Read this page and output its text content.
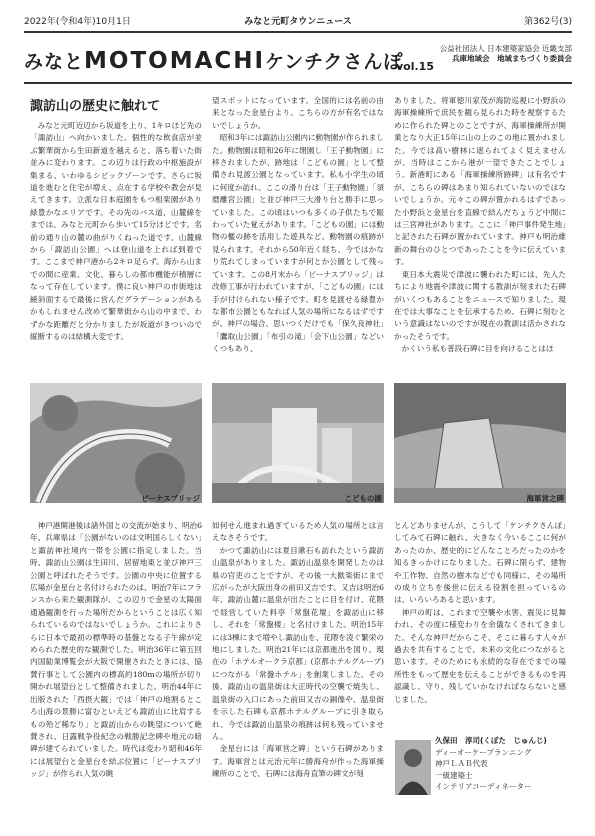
2022年(令和4年)10月1日	みなと元町タウンニュース	第362号(3)
みなとMOTOMACHIケンチクさんぽ
vol.15
公益社団法人 日本建築家協会 近畿支部
兵庫地域会　地域まちづくり委員会
諏訪山の歴史に触れて

みなと元町近辺から坂道を上り、1キロほど先の「諏訪山」へ向かいました。個性的な飲食店が並ぶ繁華街から生田新道を越えると、落ち着いた街並みに変わります。この辺りは行政の中枢施設が集まる、いわゆるシビックゾーンです。さらに坂道を進むと住宅が増え、点在する学校や教会が見えてきます。立派な日本庭園をもつ相楽園があり緑豊かなエリアです。その先のバス道、山麓線をまでは、みなと元町から歩いて15分ほどです。名前の通り山の麓の曲がりくねった道です。山麓線から「諏訪山公園」へは登山道を上れば到着です。ここまで神戸港から2キロ足らず。海から山までの間に産業、文化、暮らしの都市機能が積層になって存在しています。僕に良い神戸の市街地は緩斜面するで最後に営んだグラデーションがあるかもしれません改めて繁華街から山の中まで、わずかな距離だと分かりましたが坂道がきついので縦断するのは結構大変です。

望スポットになっています。全国的には名前の由来となった金星台より、こちらの方が有名ではないでしょうか。

昭和3年には諏訪山公園内に動物園が作られました。動物園は昭和26年に閉園し「王子動物園」に移されましたが、跡地は「こどもの園」として整備され見渡公園となっています。私も小学生の頃に何度か訪れ、ここの滑り台は「王子動物園」「須磨離宮公園」と並び神戸三大滑り台と勝手に思っていました。この頃はいつも多くの子供たちで賑わっていた覚えがあります。「こどもの園」には動物の檻の跡を活用した遊具など、動物園の痕跡が見られます。それから50年近く経ち、今ではかなり荒れてしまっていますが何とか公園として残っています。この8月末から「ビーナスブリッジ」は改修工事が行われていますが、「こどもの園」には手が付けられない様子です。町を見渡せる緑豊かな都市公園ともなれば人気の場所になるはずですが、神戸の場合、思いつくだけでも「保久良神社」「鷹取山公園」「布引の滝」「会下山公園」などいくつもあり、

ありました。将軍徳川家茂が海防巡視に小野浜の海軍操練所で庶民を観ら見られた時を視察するために作られた碑とのことですが、海軍操練所が開業となり大正15年に山の上のこの地に置かれました。今では高い樹林に遮られてよく見えませんが、当時はここから港が一望できたことでしょう。新港町にある「海軍操練所跡碑」は有名ですが、こちらの碑はあまり知られていないのではないでしょうか。元々この碑が置かれるはずであった小野浜と金星台を直線で結んだちょうど中間には三宮神社があります。ここに「神戸事件発生地」と記された石碑が置かれています。神戸も明治維新の舞台のひとつであったことを今に伝えています。

東日本大震災で津波に襲われた町には、先人たちにより地震や津波に関する教訓が刻まれた石碑がいくつもあることをニュースで知りました。現在では大事なことを伝承するため、石碑に刻むという意識はないのですが現在の教訓は活かされなかったそうです。

かくいう私も普段石碑に目を向けることはほ

ビーナスブリッジ	こどもの園	海軍営之碑

神戸港開港後は諸外国との交流が始まり、明治6年、兵庫県は「公園がないのは文明国らしくない」と諏訪神社境内一帯を公園に指定しました。当時、諏訪山公園は生田川、居留地東と並び神戸三公園と呼ばれたそうです。公園の中央に位置する広場が金星台と名付けられたのは、明治7年にフランスから来た観測隊が、この辺りで金星の太陽面通過観測を行った場所だからということは広く知られているのではないでしょうか。これによりさらに日本で最初の標準時の基盤となる子午線が定められた歴史的な観測でした。明治36年に第五回内国勧業博覧会が大阪で開催されたときには、協賛行事として公園内の標高約180mの場所が切り開かれ展望台として整備されました。明治44年に出版された「西摂大観」では「神戸の地割るところ山海の景勝に富むといえども諏訪山に比肩するもの殆ど稀なり」と諏訪山からの眺望について絶賛され、日露戦争役紀念の戦勝記念碑や地元の暗碑が建てられていました。時代は変わり昭和46年には展望台と金星台を結ぶ位置に「ビーナスブリッジ」が作られ人気の眺

如何せん進まれ過ぎているため人気の場所とは言えなさそうです。

かつて諏訪山には夏目漱石も訪れたという諏訪山温泉がありました。諏訪山温泉を開発したのは県の官吏のことですが、その後一大歓楽街にまで広がったが大阪出身の前田又吉です。又吉は明治6年、諏訪山麓に温泉が出たことに目を付け、花隈で経営していた料亭「常盤花壇」を諏訪山に移し、それを「常盤楼」と名付けました。明治15年には3棟にまで増やし諏訪山を、花隈を凌ぐ繁栄の地にしました。明治21年には京都進出を図り、現在の「ホテルオークラ京都」(京都ホテルグループ)につながる「常盤ホテル」を創業しました。その後、諏訪山の温泉街は大正時代の空襲で焼失し、温泉街の入口にあった前田又吉の銅像や、温泉街を示した石碑も京都ホテルグループに引き取られ、今では諏訪山温泉の痕跡は何も残っていません。

金星台には「海軍営之碑」という石碑があります。海軍営とは元治元年に勝海舟が作った海軍操練所のことで、石碑には海舟直筆の碑文が刻

とんどありませんが、こうして「ケンチクさんぽ」してみて石碑に触れ、大きなく今いるここに何があったのか、歴史的にどんなことろだったのかを知るきっかけになりました。石碑に限らず、建物や工作物、自然の樹木などでも同様に、その場所の成り立ちを後世に伝える役割を担っているのは、いろいろあると思います。

神戸の町は、これまで空襲や水害、震災に見舞われ、その度に様変わりを余儀なくされてきました。そんな神戸だからこそ、そこに暮らす人々が過去を共有することで、未来の文化につながると思います。そのためにも永続的な存在でまでの場所性をもって歴史を伝えることができるものを再認識し、守り、残していかなければならないと感じました。

久保田　淳司(くぼた　じゅんじ)
ディーオーケープランニング
神戸ＬＡＢ代表
一級建築士
インテリアコーディネーター
